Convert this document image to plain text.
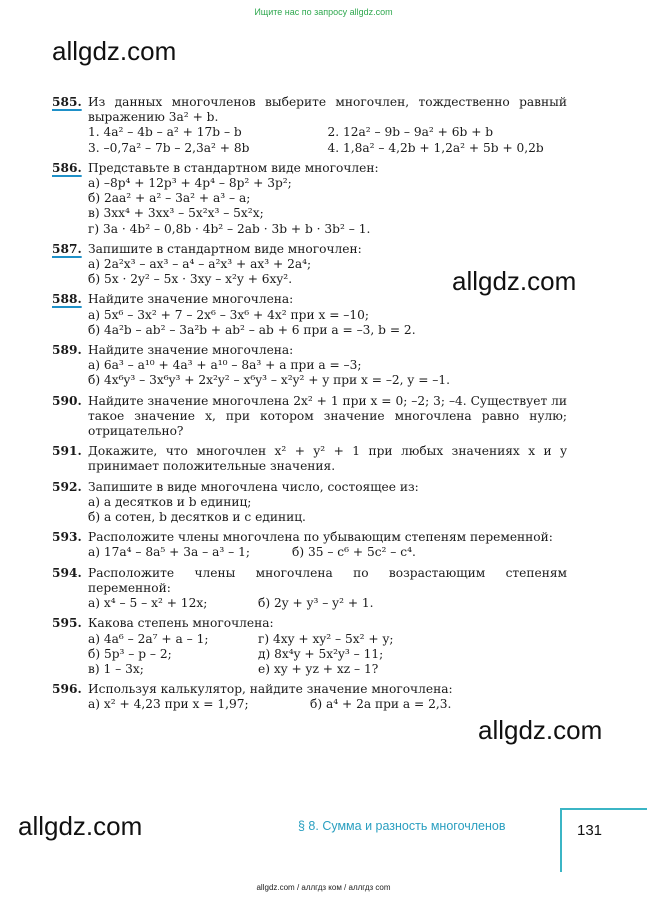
Ищите нас по запросу allgdz.com
allgdz.com
allgdz.com
allgdz.com
allgdz.com
585. Из данных многочленов выберите многочлен, тождественно равный выражению 3a² + b.
1. 4a² – 4b – a² + 17b – b	2. 12a² – 9b – 9a² + 6b + b
3. –0,7a² – 7b – 2,3a² + 8b	4. 1,8a² – 4,2b + 1,2a² + 5b + 0,2b
586. Представьте в стандартном виде многочлен:
а) –8p⁴ + 12p³ + 4p⁴ – 8p² + 3p²;
б) 2aa² + a² – 3a² + a³ – a;
в) 3xx⁴ + 3xx³ – 5x²x³ – 5x²x;
г) 3a · 4b² – 0,8b · 4b² – 2ab · 3b + b · 3b² – 1.
587. Запишите в стандартном виде многочлен:
а) 2a²x³ – ax³ – a⁴ – a²x³ + ax³ + 2a⁴;
б) 5x · 2y² – 5x · 3xy – x²y + 6xy².
588. Найдите значение многочлена:
а) 5x⁶ – 3x² + 7 – 2x⁶ – 3x⁶ + 4x² при x = –10;
б) 4a²b – ab² – 3a²b + ab² – ab + 6 при a = –3, b = 2.
589. Найдите значение многочлена:
а) 6a³ – a¹⁰ + 4a³ + a¹⁰ – 8a³ + a при a = –3;
б) 4x⁶y³ – 3x⁶y³ + 2x²y² – x⁶y³ – x²y² + y при x = –2, y = –1.
590. Найдите значение многочлена 2x² + 1 при x = 0; –2; 3; –4. Существует ли такое значение x, при котором значение многочлена равно нулю; отрицательно?
591. Докажите, что многочлен x² + y² + 1 при любых значениях x и y принимает положительные значения.
592. Запишите в виде многочлена число, состоящее из:
а) a десятков и b единиц;
б) a сотен, b десятков и c единиц.
593. Расположите члены многочлена по убывающим степеням переменной:
а) 17a⁴ – 8a⁵ + 3a – a³ – 1;	б) 35 – c⁶ + 5c² – c⁴.
594. Расположите члены многочлена по возрастающим степеням переменной:
а) x⁴ – 5 – x² + 12x;	б) 2y + y³ – y² + 1.
595. Какова степень многочлена:
а) 4a⁶ – 2a⁷ + a – 1;	г) 4xy + xy² – 5x² + y;
б) 5p³ – p – 2;	д) 8x⁴y + 5x²y³ – 11;
в) 1 – 3x;	е) xy + yz + xz – 1?
596. Используя калькулятор, найдите значение многочлена:
а) x² + 4,23 при x = 1,97;	б) a⁴ + 2a при a = 2,3.
§ 8. Сумма и разность многочленов	131
allgdz.com / аллгдз ком / аллгдз com
